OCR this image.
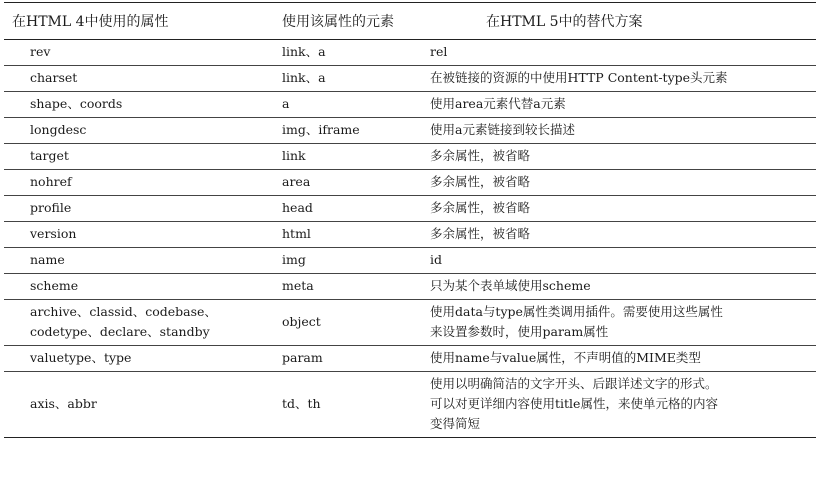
在HTML 4中使用的属性	使用该属性的元素	在HTML 5中的替代方案

rev	link、a	rel

charset	link、a	在被链接的资源的中使用HTTP Content-type头元素

shape、coords	a	使用area元素代替a元素

longdesc	img、iframe	使用a元素链接到较长描述

target	link	多余属性，被省略

nohref	area	多余属性，被省略

profile	head	多余属性，被省略

version	html	多余属性，被省略

name	img	id

scheme	meta	只为某个表单域使用scheme

archive、classid、codebase、
codetype、declare、standby	object	使用data与type属性类调用插件。需要使用这些属性
来设置参数时，使用param属性

valuetype、type	param	使用name与value属性，不声明值的MIME类型

axis、abbr	td、th	使用以明确简洁的文字开头、后跟详述文字的形式。
可以对更详细内容使用title属性，来使单元格的内容
变得简短
